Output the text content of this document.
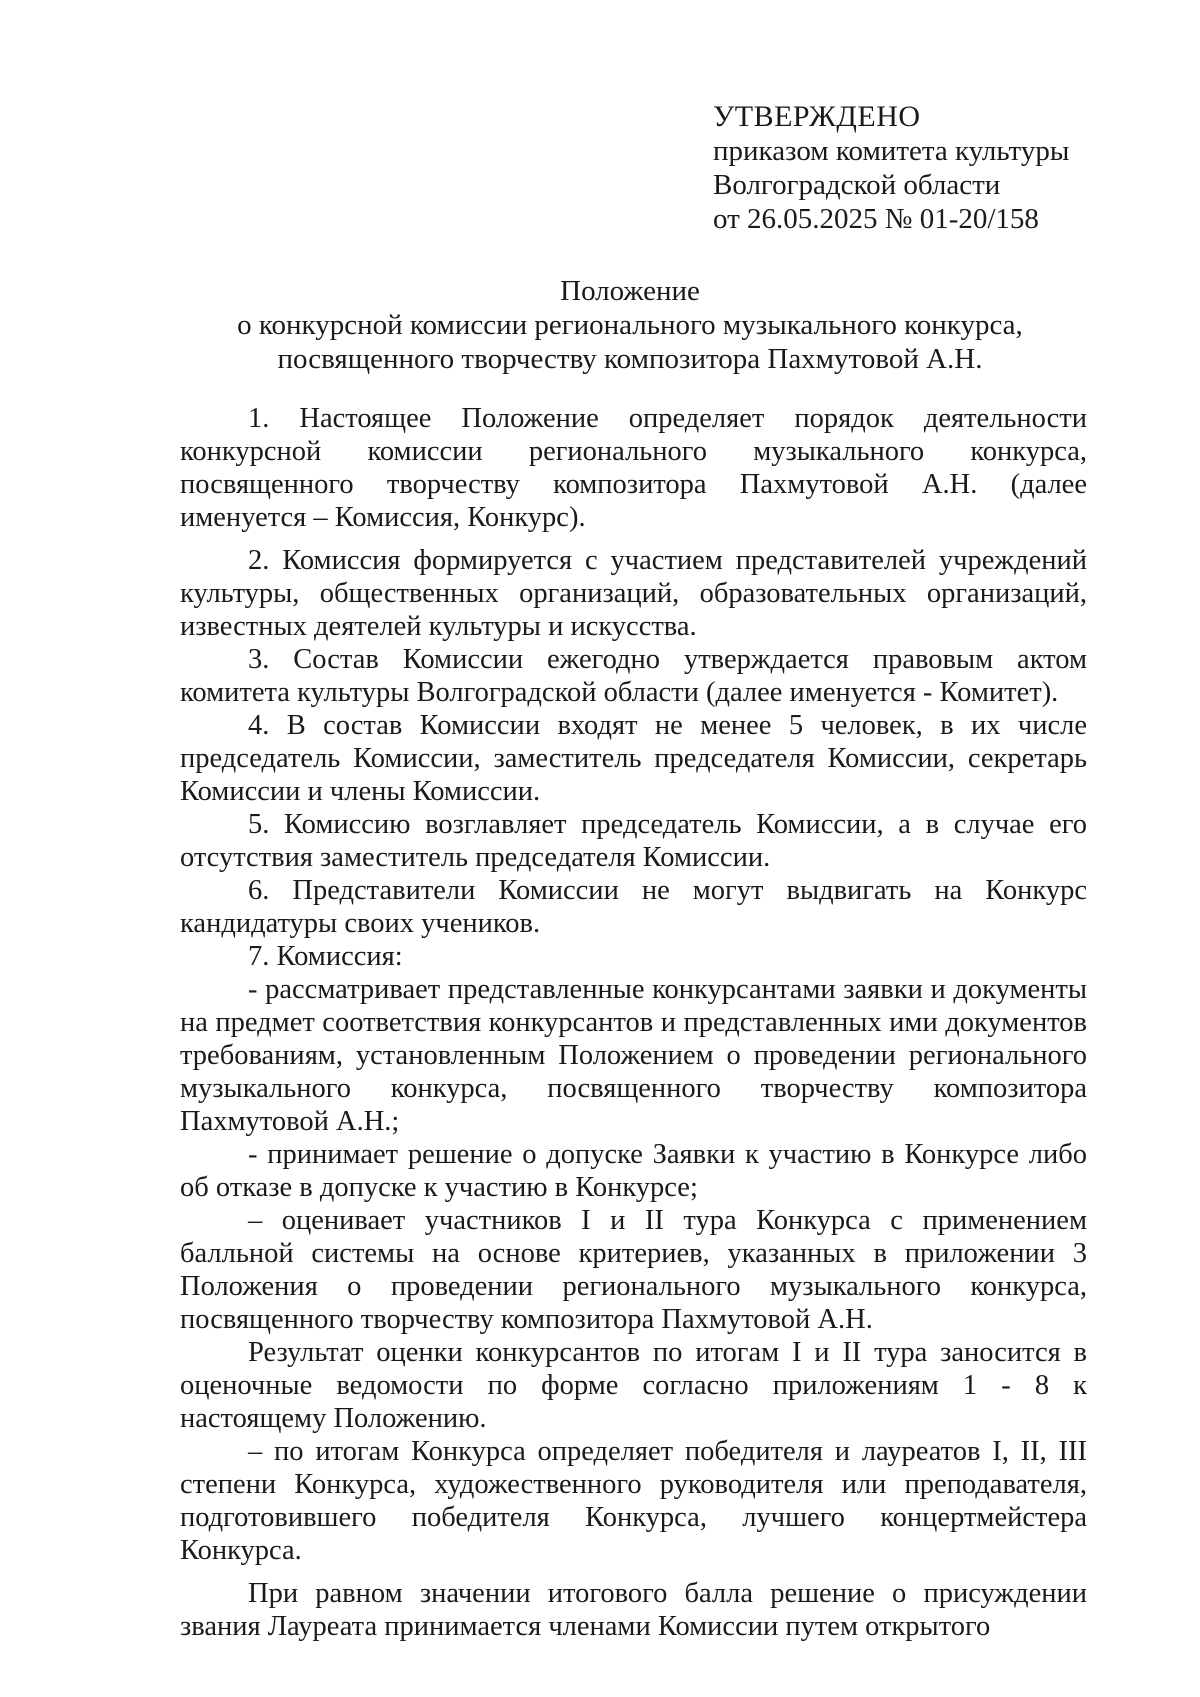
УТВЕРЖДЕНО
приказом комитета культуры
Волгоградской области
от 26.05.2025 № 01-20/158
Положение
о конкурсной комиссии регионального музыкального конкурса,
посвященного творчеству композитора Пахмутовой А.Н.

1. Настоящее Положение определяет порядок деятельности конкурсной комиссии регионального музыкального конкурса, посвященного творчеству композитора Пахмутовой А.Н. (далее именуется – Комиссия, Конкурс).

2. Комиссия формируется с участием представителей учреждений культуры, общественных организаций, образовательных организаций, известных деятелей культуры и искусства.

3. Состав Комиссии ежегодно утверждается правовым актом комитета культуры Волгоградской области (далее именуется - Комитет).

4. В состав Комиссии входят не менее 5 человек, в их числе председатель Комиссии, заместитель председателя Комиссии, секретарь Комиссии и члены Комиссии.

5. Комиссию возглавляет председатель Комиссии, а в случае его отсутствия заместитель председателя Комиссии.

6. Представители Комиссии не могут выдвигать на Конкурс кандидатуры своих учеников.

7. Комиссия:

- рассматривает представленные конкурсантами заявки и документы на предмет соответствия конкурсантов и представленных ими документов требованиям, установленным Положением о проведении регионального музыкального конкурса, посвященного творчеству композитора Пахмутовой А.Н.;

- принимает решение о допуске Заявки к участию в Конкурсе либо об отказе в допуске к участию в Конкурсе;

– оценивает участников I и II тура Конкурса с применением балльной системы на основе критериев, указанных в приложении 3 Положения о проведении регионального музыкального конкурса, посвященного творчеству композитора Пахмутовой А.Н.

Результат оценки конкурсантов по итогам I и II тура заносится в оценочные ведомости по форме согласно приложениям 1 - 8 к настоящему Положению.

– по итогам Конкурса определяет победителя и лауреатов I, II, III степени Конкурса, художественного руководителя или преподавателя, подготовившего победителя Конкурса, лучшего концертмейстера Конкурса.

При равном значении итогового балла решение о присуждении звания Лауреата принимается членами Комиссии путем открытого
